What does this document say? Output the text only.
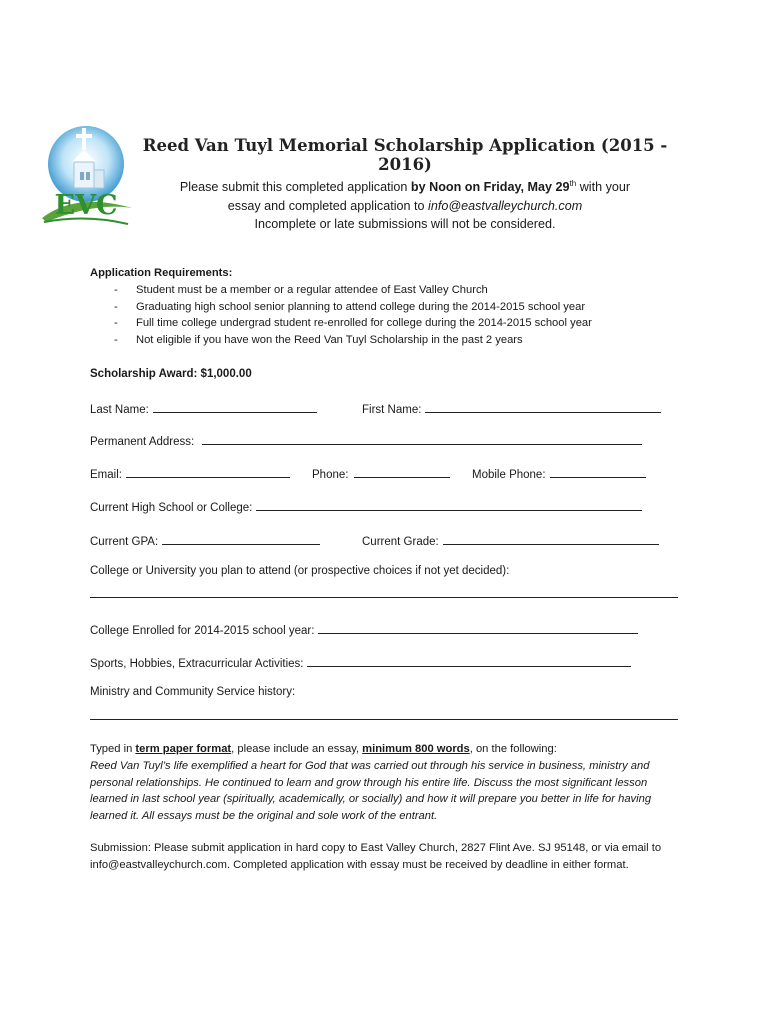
EVC
Reed Van Tuyl Memorial Scholarship Application (2015 - 2016)
Please submit this completed application by Noon on Friday, May 29th with your
essay and completed application to info@eastvalleychurch.com
Incomplete or late submissions will not be considered.
Application Requirements:
- Student must be a member or a regular attendee of East Valley Church
- Graduating high school senior planning to attend college during the 2014-2015 school year
- Full time college undergrad student re-enrolled for college during the 2014-2015 school year
- Not eligible if you have won the Reed Van Tuyl Scholarship in the past 2 years
Scholarship Award: $1,000.00
Last Name:	First Name:
Permanent Address:
Email:	Phone:	Mobile Phone:
Current High School or College:
Current GPA:	Current Grade:
College or University you plan to attend (or prospective choices if not yet decided):
College Enrolled for 2014-2015 school year:
Sports, Hobbies, Extracurricular Activities:
Ministry and Community Service history:
Typed in term paper format, please include an essay, minimum 800 words, on the following:
Reed Van Tuyl’s life exemplified a heart for God that was carried out through his service in business, ministry and personal relationships. He continued to learn and grow through his entire life. Discuss the most significant lesson learned in last school year (spiritually, academically, or socially) and how it will prepare you better in life for having learned it. All essays must be the original and sole work of the entrant.
Submission: Please submit application in hard copy to East Valley Church, 2827 Flint Ave. SJ 95148, or via email to info@eastvalleychurch.com. Completed application with essay must be received by deadline in either format.
